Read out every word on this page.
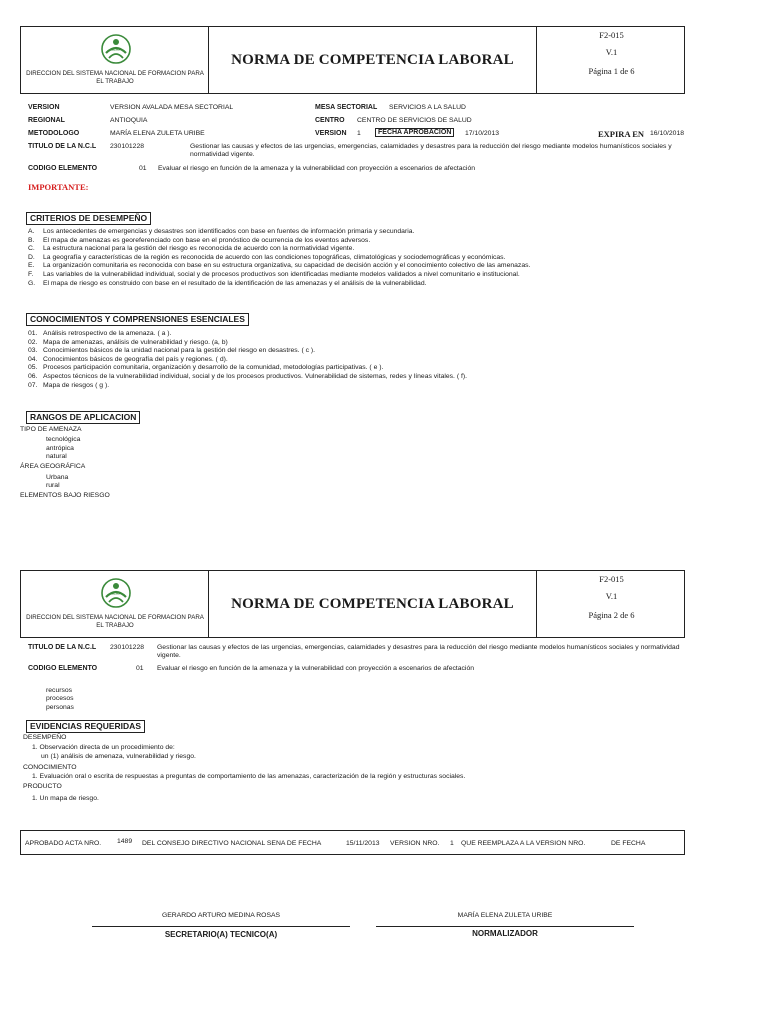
SENA
DIRECCION DEL SISTEMA NACIONAL DE FORMACION PARA EL TRABAJO
NORMA DE COMPETENCIA LABORAL
F2-015
V.1
Página 1 de 6
VERSION	VERSION AVALADA MESA SECTORIAL	MESA SECTORIAL SERVICIOS A LA SALUD
REGIONAL	ANTIOQUIA	CENTRO CENTRO DE SERVICIOS DE SALUD
METODOLOGO	MARÍA ELENA ZULETA URIBE	VERSION 1	FECHA APROBACION	17/10/2013	EXPIRA EN 16/10/2018
TITULO DE LA N.C.L 230101228	Gestionar las causas y efectos de las urgencias, emergencias, calamidades y desastres para la reducción del riesgo mediante modelos humanísticos sociales y normatividad vigente.
CODIGO ELEMENTO	01 Evaluar el riesgo en función de la amenaza y la vulnerabilidad con proyección a escenarios de afectación
IMPORTANTE:
CRITERIOS DE DESEMPEÑO
A.	Los antecedentes de emergencias y desastres son identificados con base en fuentes de información primaria y secundaria.
B.	El mapa de amenazas es georeferenciado con base en el pronóstico de ocurrencia de los eventos adversos.
C.	La estructura nacional para la gestión del riesgo es reconocida de acuerdo con la normatividad vigente.
D.	La geografía y características de la región es reconocida de acuerdo con las condiciones topográficas, climatológicas y sociodemográficas y económicas.
E.	La organización comunitaria es reconocida con base en su estructura organizativa, su capacidad de decisión acción y el conocimiento colectivo de las amenazas.
F.	Las variables de la vulnerabilidad individual, social y de procesos productivos son identificadas mediante modelos validados a nivel comunitario e institucional.
G.	El mapa de riesgo es construido con base en el resultado de la identificación de las amenazas y el análisis de la vulnerabilidad.
CONOCIMIENTOS Y COMPRENSIONES ESENCIALES
01. Análisis retrospectivo de la amenaza. ( a ).
02. Mapa de amenazas, análisis de vulnerabilidad y riesgo. (a, b)
03. Conocimientos básicos de la unidad nacional para la gestión del riesgo en desastres. ( c ).
04. Conocimientos básicos de geografía del país y regiones. ( d).
05. Procesos participación comunitaria, organización y desarrollo de la comunidad, metodologías participativas. ( e ).
06. Aspectos técnicos de la vulnerabilidad individual, social y de los procesos productivos. Vulnerabilidad de sistemas, redes y líneas vitales. ( f).
07. Mapa de riesgos ( g ).
RANGOS DE APLICACION
TIPO DE AMENAZA
tecnológica
antrópica
natural
ÁREA GEOGRÁFICA
Urbana
rural
ELEMENTOS BAJO RIESGO
SENA
DIRECCION DEL SISTEMA NACIONAL DE FORMACION PARA EL TRABAJO
NORMA DE COMPETENCIA LABORAL
F2-015
V.1
Página 2 de 6
TITULO DE LA N.C.L 230101228 Gestionar las causas y efectos de las urgencias, emergencias, calamidades y desastres para la reducción del riesgo mediante modelos humanísticos sociales y normatividad vigente.
CODIGO ELEMENTO	01 Evaluar el riesgo en función de la amenaza y la vulnerabilidad con proyección a escenarios de afectación
recursos
procesos
personas
EVIDENCIAS REQUERIDAS
DESEMPEÑO
1. Observación directa de un procedimiento de:
un (1) análisis de amenaza, vulnerabilidad y riesgo.
CONOCIMIENTO
1. Evaluación oral o escrita de respuestas a preguntas de comportamiento de las amenazas, caracterización de la región y estructuras sociales.
PRODUCTO
1. Un mapa de riesgo.
APROBADO ACTA NRO. 1489 DEL CONSEJO DIRECTIVO NACIONAL SENA DE FECHA	15/11/2013 VERSION NRO. 1 QUE REEMPLAZA A LA VERSION NRO.	DE FECHA
GERARDO ARTURO MEDINA ROSAS
SECRETARIO(A) TECNICO(A)
MARÍA ELENA ZULETA URIBE
NORMALIZADOR
